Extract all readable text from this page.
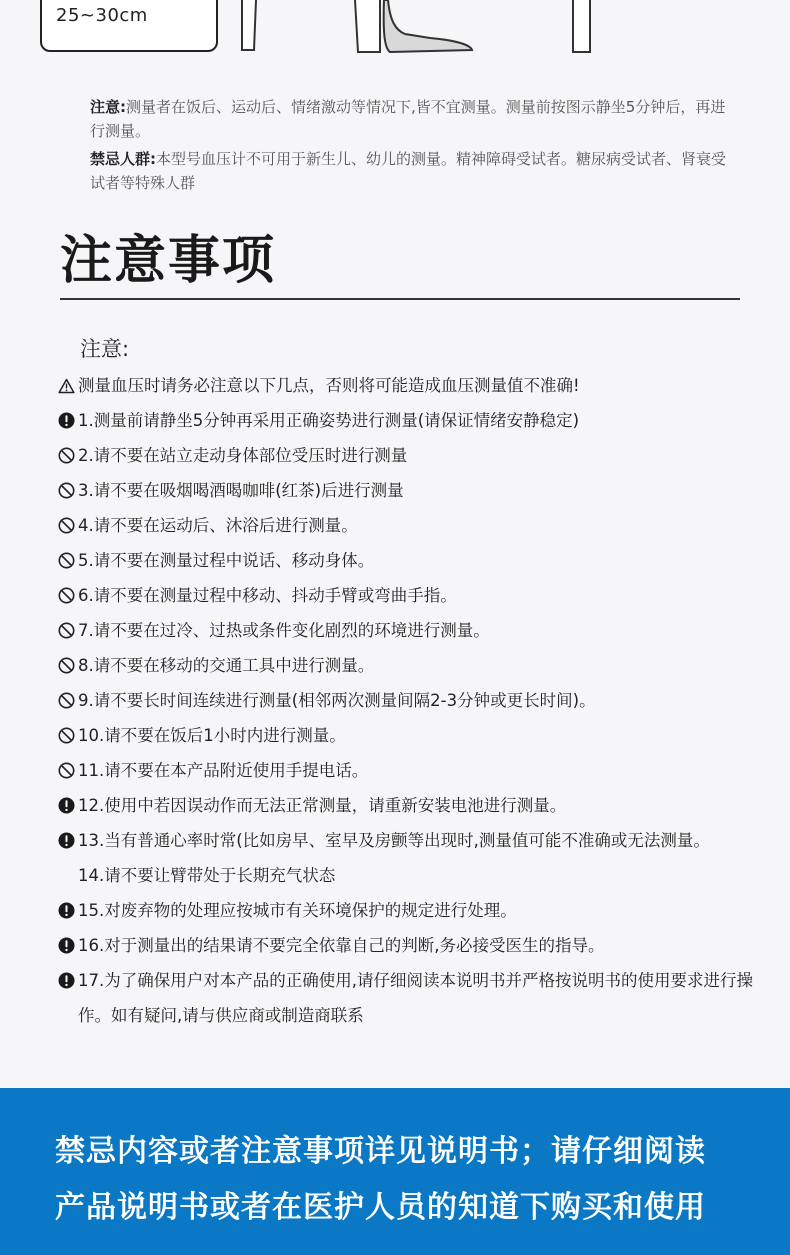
25~30cm

注意:测量者在饭后、运动后、情绪激动等情况下,皆不宜测量。测量前按图示静坐5分钟后，再进行测量。

禁忌人群:本型号血压计不可用于新生儿、幼儿的测量。精神障碍受试者。糖尿病受试者、肾衰受试者等特殊人群

注意事项
注意:
测量血压时请务必注意以下几点，否则将可能造成血压测量值不准确!
1.测量前请静坐5分钟再采用正确姿势进行测量(请保证情绪安静稳定)
2.请不要在站立走动身体部位受压时进行测量
3.请不要在吸烟喝酒喝咖啡(红茶)后进行测量
4.请不要在运动后、沐浴后进行测量。
5.请不要在测量过程中说话、移动身体。
6.请不要在测量过程中移动、抖动手臂或弯曲手指。
7.请不要在过冷、过热或条件变化剧烈的环境进行测量。
8.请不要在移动的交通工具中进行测量。
9.请不要长时间连续进行测量(相邻两次测量间隔2-3分钟或更长时间)。
10.请不要在饭后1小时内进行测量。
11.请不要在本产品附近使用手提电话。
12.使用中若因误动作而无法正常测量，请重新安装电池进行测量。
13.当有普通心率时常(比如房早、室早及房颤等出现时,测量值可能不准确或无法测量。
14.请不要让臂带处于长期充气状态
15.对废弃物的处理应按城市有关环境保护的规定进行处理。
16.对于测量出的结果请不要完全依靠自己的判断,务必接受医生的指导。
17.为了确保用户对本产品的正确使用,请仔细阅读本说明书并严格按说明书的使用要求进行操作。如有疑问,请与供应商或制造商联系
禁忌内容或者注意事项详见说明书；请仔细阅读
产品说明书或者在医护人员的知道下购买和使用
